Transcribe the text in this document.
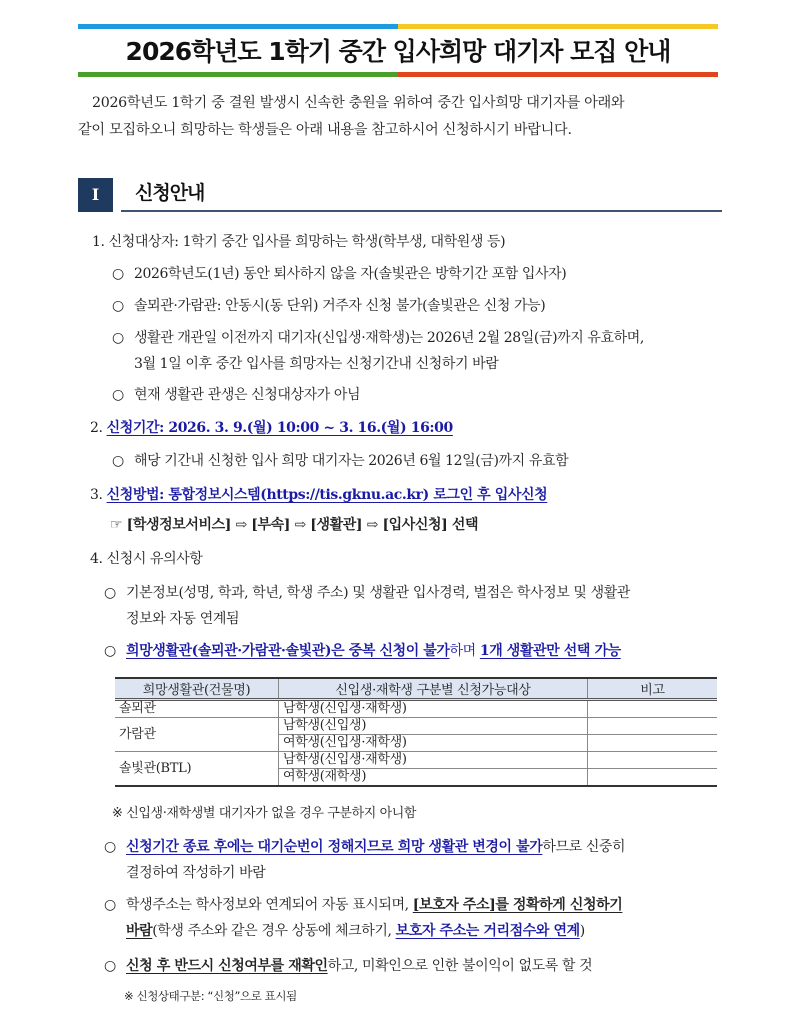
2026학년도 1학기 중간 입사희망 대기자 모집 안내
2026학년도 1학기 중 결원 발생시 신속한 충원을 위하여 중간 입사희망 대기자를 아래와
같이 모집하오니 희망하는 학생들은 아래 내용을 참고하시어 신청하시기 바랍니다.
I	신청안내
1. 신청대상자: 1학기 중간 입사를 희망하는 학생(학부생, 대학원생 등)
○ 2026학년도(1년) 동안 퇴사하지 않을 자(솔빛관은 방학기간 포함 입사자)
○ 솔뫼관·가람관: 안동시(동 단위) 거주자 신청 불가(솔빛관은 신청 가능)
○ 생활관 개관일 이전까지 대기자(신입생·재학생)는 2026년 2월 28일(금)까지 유효하며,
3월 1일 이후 중간 입사를 희망자는 신청기간내 신청하기 바람
○ 현재 생활관 관생은 신청대상자가 아님
2. 신청기간: 2026. 3. 9.(월) 10:00 ~ 3. 16.(월) 16:00
○ 해당 기간내 신청한 입사 희망 대기자는 2026년 6월 12일(금)까지 유효함
3. 신청방법: 통합정보시스템(https://tis.gknu.ac.kr) 로그인 후 입사신청
☞ [학생정보서비스] ⇨ [부속] ⇨ [생활관] ⇨ [입사신청] 선택
4. 신청시 유의사항
○ 기본정보(성명, 학과, 학년, 학생 주소) 및 생활관 입사경력, 벌점은 학사정보 및 생활관
정보와 자동 연계됨
○ 희망생활관(솔뫼관·가람관·솔빛관)은 중복 신청이 불가하며 1개 생활관만 선택 가능
희망생활관(건물명)	신입생·재학생 구분별 신청가능대상	비고
솔뫼관	남학생(신입생·재학생)	
가람관	남학생(신입생)	
	여학생(신입생·재학생)	
솔빛관(BTL)	남학생(신입생·재학생)	
	여학생(재학생)	
※ 신입생·재학생별 대기자가 없을 경우 구분하지 아니함
○ 신청기간 종료 후에는 대기순번이 정해지므로 희망 생활관 변경이 불가하므로 신중히
결정하여 작성하기 바람
○ 학생주소는 학사정보와 연계되어 자동 표시되며, [보호자 주소]를 정확하게 신청하기
바람(학생 주소와 같은 경우 상동에 체크하기, 보호자 주소는 거리점수와 연계)
○ 신청 후 반드시 신청여부를 재확인하고, 미확인으로 인한 불이익이 없도록 할 것
※ 신청상태구분: “신청”으로 표시됨
